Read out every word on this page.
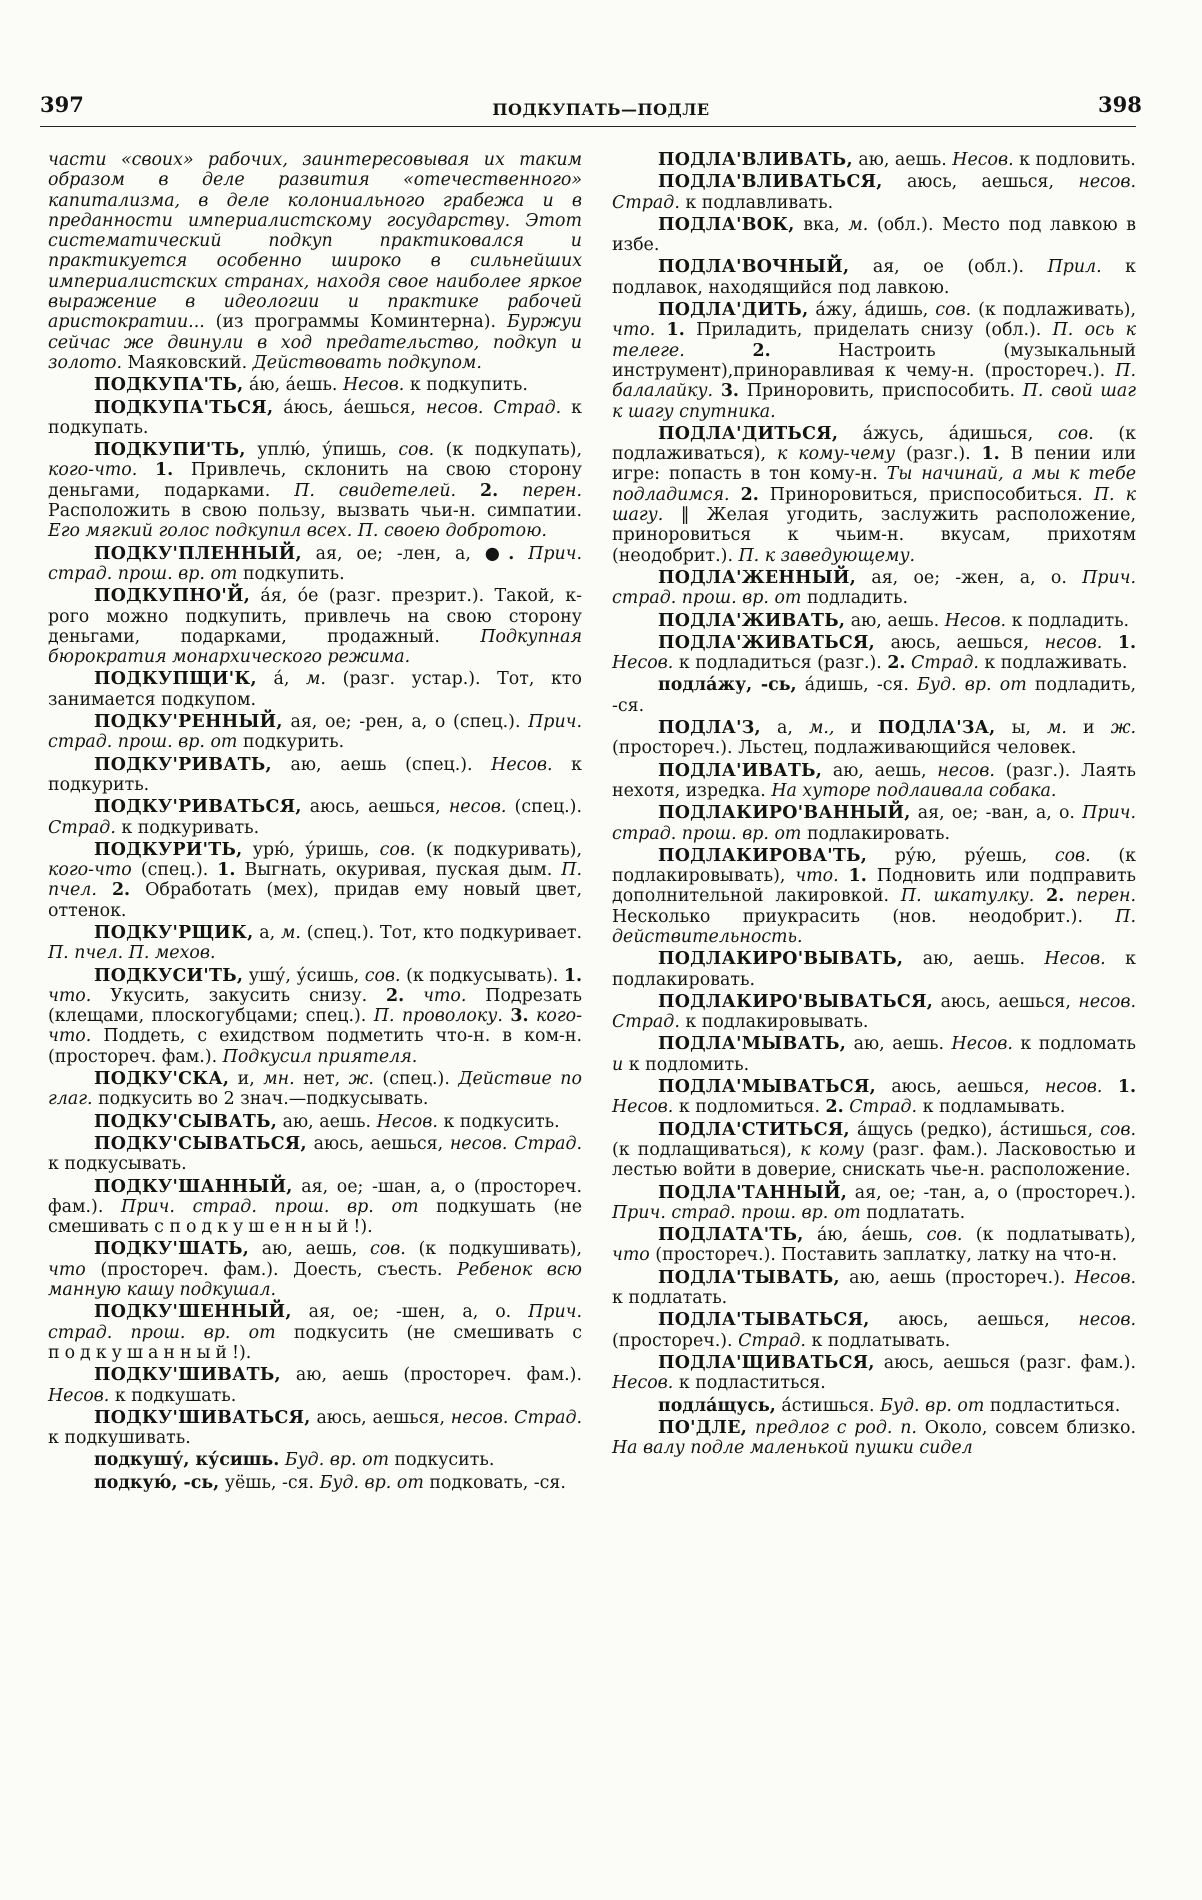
397	ПОДКУПАТЬ—ПОДЛЕ	398

части «своих» рабочих, заинтересовывая их таким образом в деле развития «отечественного» капитализма, в деле колониального грабежа и в преданности империалистскому государству. Этот систематический подкуп практиковался и практикуется особенно широко в сильнейших империалистских странах, находя свое наиболее яркое выражение в идеологии и практике рабочей аристократии... (из программы Коминтерна). Буржуи сейчас же двинули в ход предательство, подкуп и золото. Маяковский. Действовать подкупом.

ПОДКУПА'ТЬ, а́ю, а́ешь. Несов. к подкупить.

ПОДКУПА'ТЬСЯ, а́юсь, а́ешься, несов. Страд. к подкупать.

ПОДКУПИ'ТЬ, уплю́, у́пишь, сов. (к подкупать), кого-что. 1. Привлечь, склонить на свою сторону деньгами, подарками. П. свидетелей. 2. перен. Расположить в свою пользу, вызвать чьи-н. симпатии. Его мягкий голос подкупил всех. П. своею добротою.

ПОДКУ'ПЛЕННЫЙ, ая, ое; -лен, а, ●. Прич. страд. прош. вр. от подкупить.

ПОДКУПНО'Й, а́я, о́е (разг. презрит.). Такой, к-рого можно подкупить, привлечь на свою сторону деньгами, подарками, продажный. Подкупная бюрократия монархического режима.

ПОДКУПЩИ'К, а́, м. (разг. устар.). Тот, кто занимается подкупом.

ПОДКУ'РЕННЫЙ, ая, ое; -рен, а, о (спец.). Прич. страд. прош. вр. от подкурить.

ПОДКУ'РИВАТЬ, аю, аешь (спец.). Несов. к подкурить.

ПОДКУ'РИВАТЬСЯ, аюсь, аешься, несов. (спец.). Страд. к подкуривать.

ПОДКУРИ'ТЬ, урю́, у́ришь, сов. (к подкуривать), кого-что (спец.). 1. Выгнать, окуривая, пуская дым. П. пчел. 2. Обработать (мех), придав ему новый цвет, оттенок.

ПОДКУ'РЩИК, а, м. (спец.). Тот, кто подкуривает. П. пчел. П. мехов.

ПОДКУСИ'ТЬ, ушу́, у́сишь, сов. (к подкусывать). 1. что. Укусить, закусить снизу. 2. что. Подрезать (клещами, плоскогубцами; спец.). П. проволоку. 3. кого-что. Поддеть, с ехидством подметить что-н. в ком-н. (простореч. фам.). Подкусил приятеля.

ПОДКУ'СКА, и, мн. нет, ж. (спец.). Действие по глаг. подкусить во 2 знач.—подкусывать.

ПОДКУ'СЫВАТЬ, аю, аешь. Несов. к подкусить.

ПОДКУ'СЫВАТЬСЯ, аюсь, аешься, несов. Страд. к подкусывать.

ПОДКУ'ШАННЫЙ, ая, ое; -шан, а, о (простореч. фам.). Прич. страд. прош. вр. от подкушать (не смешивать с подкушенный!).

ПОДКУ'ШАТЬ, аю, аешь, сов. (к подкушивать), что (простореч. фам.). Доесть, съесть. Ребенок всю манную кашу подкушал.

ПОДКУ'ШЕННЫЙ, ая, ое; -шен, а, о. Прич. страд. прош. вр. от подкусить (не смешивать с подкушанный!).

ПОДКУ'ШИВАТЬ, аю, аешь (простореч. фам.). Несов. к подкушать.

ПОДКУ'ШИВАТЬСЯ, аюсь, аешься, несов. Страд. к подкушивать.

подкушу́, ку́сишь. Буд. вр. от подкусить.

подкую́, -сь, уёшь, -ся. Буд. вр. от подковать, -ся.

ПОДЛА'ВЛИВАТЬ, аю, аешь. Несов. к подловить.

ПОДЛА'ВЛИВАТЬСЯ, аюсь, аешься, несов. Страд. к подлавливать.

ПОДЛА'ВОК, вка, м. (обл.). Место под лавкою в избе.

ПОДЛА'ВОЧНЫЙ, ая, ое (обл.). Прил. к подлавок, находящийся под лавкою.

ПОДЛА'ДИТЬ, а́жу, а́дишь, сов. (к подлаживать), что. 1. Приладить, приделать снизу (обл.). П. ось к телеге.	2. Настроить (музыкальный инструмент),приноравливая к чему-н. (простореч.). П. балалайку. 3. Приноровить, приспособить. П. свой шаг к шагу спутника.

ПОДЛА'ДИТЬСЯ, а́жусь, а́дишься, сов. (к подлаживаться), к кому-чему (разг.). 1. В пении или игре: попасть в тон кому-н. Ты начинай, а мы к тебе подладимся. 2. Приноровиться, приспособиться. П. к шагу. ‖ Желая угодить, заслужить расположение, приноровиться к чьим-н. вкусам, прихотям (неодобрит.). П. к заведующему.

ПОДЛА'ЖЕННЫЙ, ая, ое; -жен, а, о. Прич. страд. прош. вр. от подладить.

ПОДЛА'ЖИВАТЬ, аю, аешь. Несов. к подладить.

ПОДЛА'ЖИВАТЬСЯ, аюсь, аешься, несов. 1. Несов. к подладиться (разг.). 2. Страд. к подлаживать.

подла́жу, -сь, а́дишь, -ся. Буд. вр. от подладить, -ся.

ПОДЛА'З, а, м., и ПОДЛА'ЗА, ы, м. и ж. (простореч.). Льстец, подлаживающийся человек.

ПОДЛА'ИВАТЬ, аю, аешь, несов. (разг.). Лаять нехотя, изредка. На хуторе подлаивала собака.

ПОДЛАКИРО'ВАННЫЙ, ая, ое; -ван, а, о. Прич. страд. прош. вр. от подлакировать.

ПОДЛАКИРОВА'ТЬ, ру́ю, ру́ешь, сов. (к подлакировывать), что. 1. Подновить или подправить дополнительной лакировкой. П. шкатулку. 2. перен. Несколько приукрасить (нов. неодобрит.). П. действительность.

ПОДЛАКИРО'ВЫВАТЬ, аю, аешь. Несов. к подлакировать.

ПОДЛАКИРО'ВЫВАТЬСЯ, аюсь, аешься, несов. Страд. к подлакировывать.

ПОДЛА'МЫВАТЬ, аю, аешь. Несов. к подломать и к подломить.

ПОДЛА'МЫВАТЬСЯ, аюсь, аешься, несов. 1. Несов. к подломиться. 2. Страд. к подламывать.

ПОДЛА'СТИТЬСЯ, а́щусь (редко), а́стишься, сов. (к подлащиваться), к кому (разг. фам.). Ласковостью и лестью войти в доверие, снискать чье-н. расположение.

ПОДЛА'ТАННЫЙ, ая, ое; -тан, а, о (простореч.). Прич. страд. прош. вр. от подлатать.

ПОДЛАТА'ТЬ, а́ю, а́ешь, сов. (к подлатывать), что (простореч.). Поставить заплатку, латку на что-н.

ПОДЛА'ТЫВАТЬ, аю, аешь (простореч.). Несов. к подлатать.

ПОДЛА'ТЫВАТЬСЯ, аюсь, аешься, несов. (простореч.). Страд. к подлатывать.

ПОДЛА'ЩИВАТЬСЯ, аюсь, аешься (разг. фам.). Несов. к подластиться.

подла́щусь, а́стишься. Буд. вр. от подластиться.

ПО'ДЛЕ, предлог с род. п. Около, совсем близко. На валу подле маленькой пушки сидел
